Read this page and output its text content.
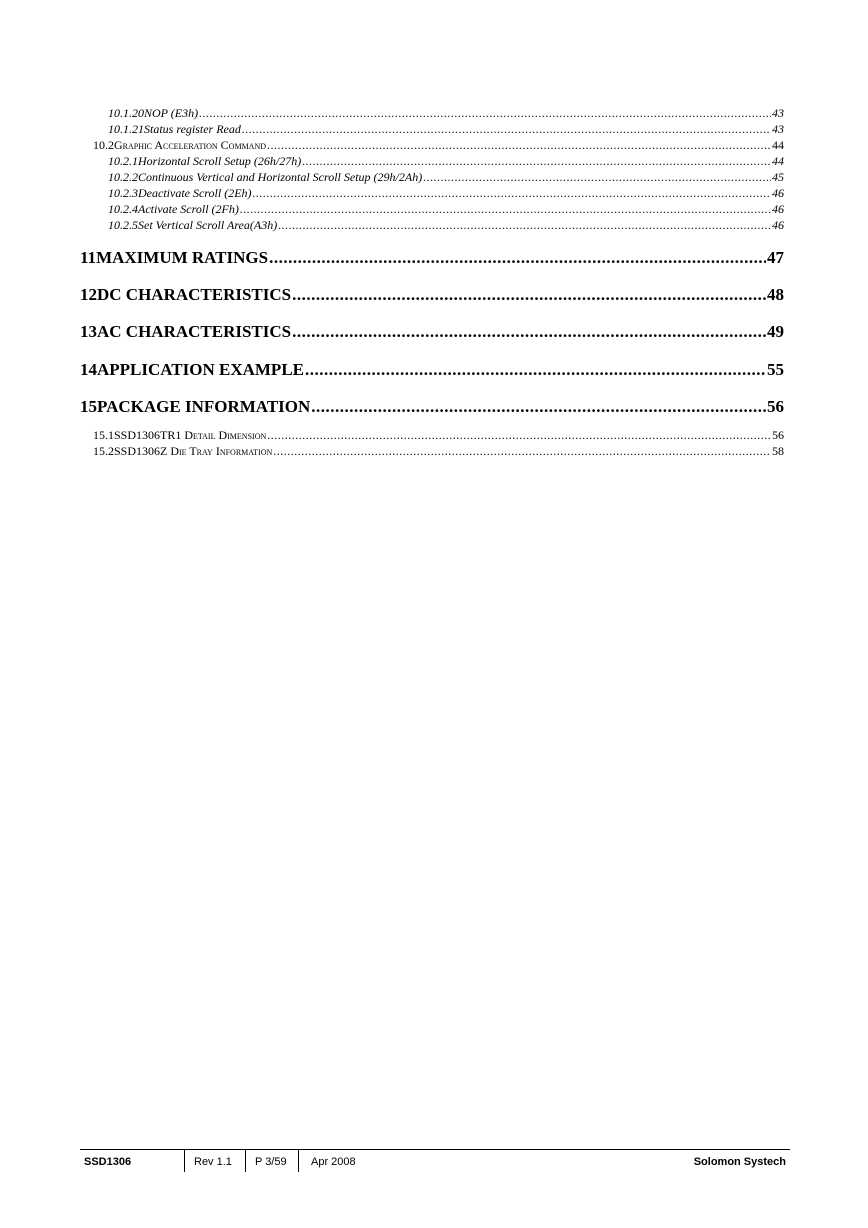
10.1.20 NOP (E3h) .....	43
10.1.21 Status register Read .....	43
10.2 Graphic Acceleration Command .....	44
10.2.1 Horizontal Scroll Setup (26h/27h) .....	44
10.2.2 Continuous Vertical and Horizontal Scroll Setup (29h/2Ah) .....	45
10.2.3 Deactivate Scroll (2Eh) .....	46
10.2.4 Activate Scroll (2Fh) .....	46
10.2.5 Set Vertical Scroll Area(A3h) .....	46
11 MAXIMUM RATINGS .....	47
12 DC CHARACTERISTICS .....	48
13 AC CHARACTERISTICS .....	49
14 APPLICATION EXAMPLE .....	55
15 PACKAGE INFORMATION .....	56
15.1 SSD1306TR1 Detail Dimension .....	56
15.2 SSD1306Z Die Tray Information .....	58
SSD1306	Rev 1.1 P 3/59 Apr 2008	Solomon Systech
